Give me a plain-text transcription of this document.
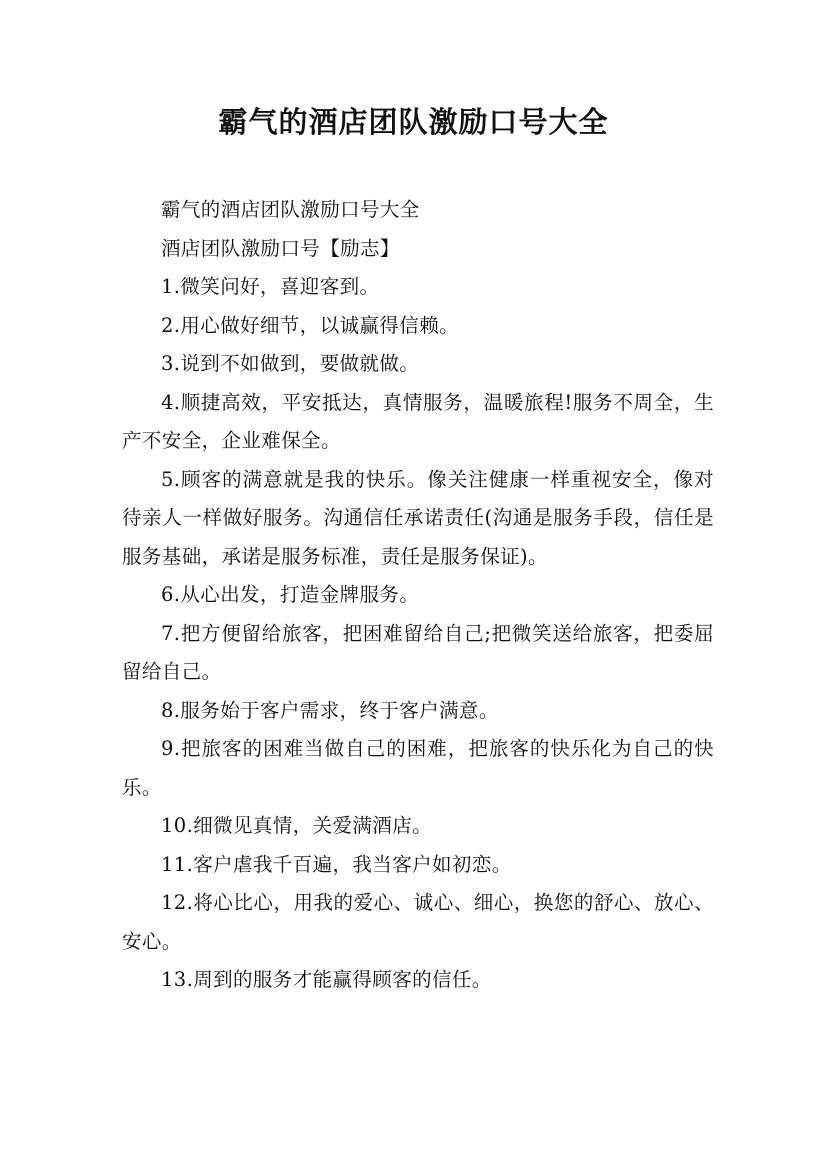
霸气的酒店团队激励口号大全

霸气的酒店团队激励口号大全

酒店团队激励口号【励志】

1.微笑问好，喜迎客到。

2.用心做好细节，以诚赢得信赖。

3.说到不如做到，要做就做。

4.顺捷高效，平安抵达，真情服务，温暖旅程!服务不周全，生产不安全，企业难保全。

5.顾客的满意就是我的快乐。像关注健康一样重视安全，像对待亲人一样做好服务。沟通信任承诺责任(沟通是服务手段，信任是服务基础，承诺是服务标准，责任是服务保证)。

6.从心出发，打造金牌服务。

7.把方便留给旅客，把困难留给自己;把微笑送给旅客，把委屈留给自己。

8.服务始于客户需求，终于客户满意。

9.把旅客的困难当做自己的困难，把旅客的快乐化为自己的快乐。

10.细微见真情，关爱满酒店。

11.客户虐我千百遍，我当客户如初恋。

12.将心比心，用我的爱心、诚心、细心，换您的舒心、放心、安心。

13.周到的服务才能赢得顾客的信任。
